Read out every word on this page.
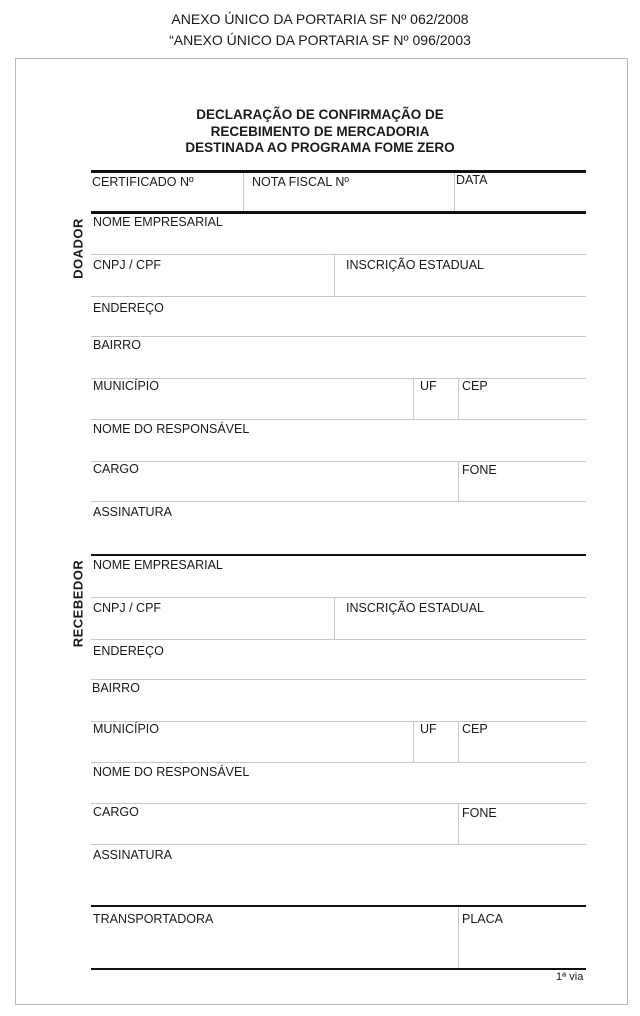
ANEXO ÚNICO DA PORTARIA SF Nº 062/2008
“ANEXO ÚNICO DA PORTARIA SF Nº 096/2003
DECLARAÇÃO DE CONFIRMAÇÃO DE
RECEBIMENTO DE MERCADORIA
DESTINADA AO PROGRAMA FOME ZERO
CERTIFICADO Nº	NOTA FISCAL Nº	DATA
DOADOR NOME EMPRESARIAL
CNPJ / CPF	INSCRIÇÃO ESTADUAL
ENDEREÇO
BAIRRO
MUNICÍPIO	UF CEP
NOME DO RESPONSÁVEL
CARGO	FONE
ASSINATURA
RECEBEDOR NOME EMPRESARIAL
CNPJ / CPF	INSCRIÇÃO ESTADUAL
ENDEREÇO
BAIRRO
MUNICÍPIO	UF CEP
NOME DO RESPONSÁVEL
CARGO	FONE
ASSINATURA
TRANSPORTADORA	PLACA
1ª via
